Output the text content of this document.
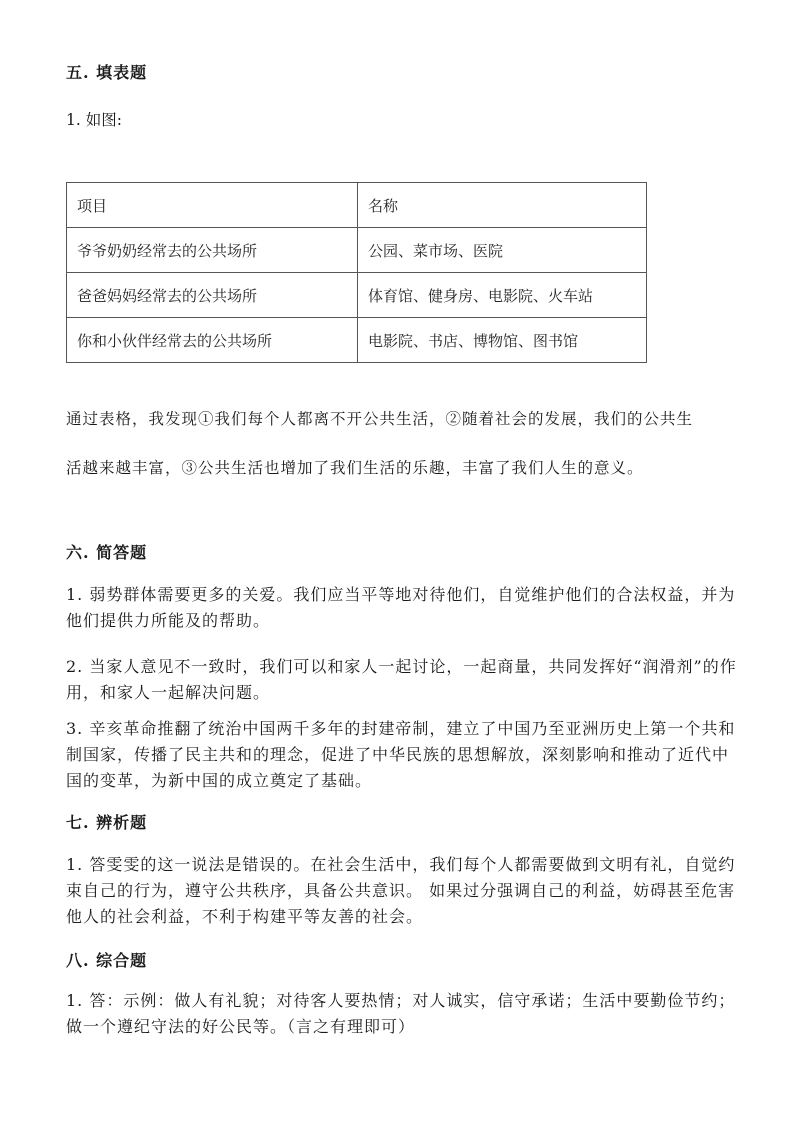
五. 填表题
1. 如图:
项目	名称
爷爷奶奶经常去的公共场所	公园、菜市场、医院
爸爸妈妈经常去的公共场所	体育馆、健身房、电影院、火车站
你和小伙伴经常去的公共场所	电影院、书店、博物馆、图书馆

通过表格，我发现①我们每个人都离不开公共生活，②随着社会的发展，我们的公共生

活越来越丰富，③公共生活也增加了我们生活的乐趣，丰富了我们人生的意义。

六. 简答题

1. 弱势群体需要更多的关爱。我们应当平等地对待他们，自觉维护他们的合法权益，并为他们提供力所能及的帮助。

2. 当家人意见不一致时，我们可以和家人一起讨论，一起商量，共同发挥好“润滑剂”的作用，和家人一起解决问题。

3. 辛亥革命推翻了统治中国两千多年的封建帝制，建立了中国乃至亚洲历史上第一个共和制国家，传播了民主共和的理念，促进了中华民族的思想解放，深刻影响和推动了近代中国的变革，为新中国的成立奠定了基础。

七. 辨析题

1. 答雯雯的这一说法是错误的。在社会生活中，我们每个人都需要做到文明有礼，自觉约束自己的行为，遵守公共秩序，具备公共意识。 如果过分强调自己的利益，妨碍甚至危害他人的社会利益，不利于构建平等友善的社会。

八. 综合题

1. 答：示例：做人有礼貌；对待客人要热情；对人诚实，信守承诺；生活中要勤俭节约；做一个遵纪守法的好公民等。（言之有理即可）
